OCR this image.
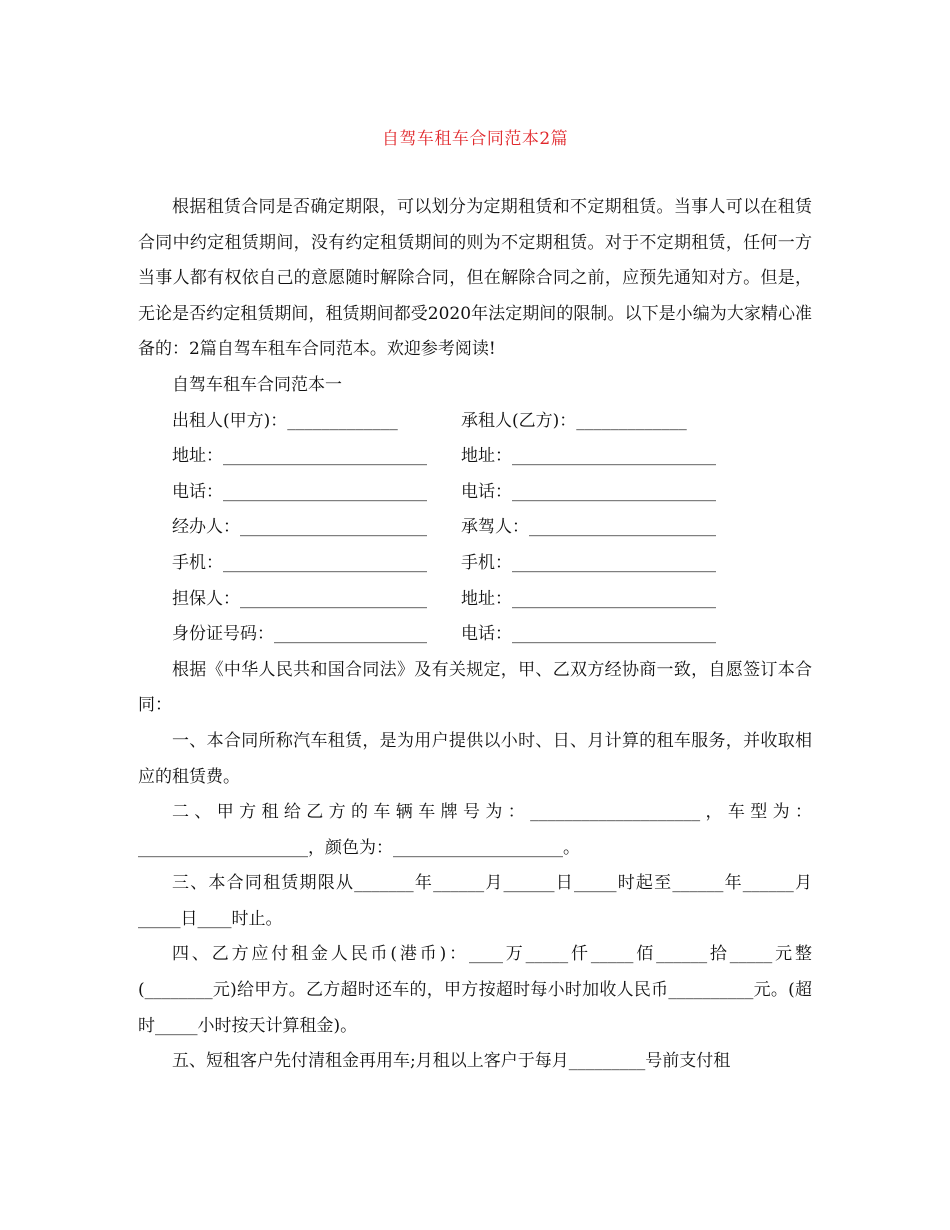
自驾车租车合同范本2篇

根据租赁合同是否确定期限，可以划分为定期租赁和不定期租赁。当事人可以在租赁合同中约定租赁期间，没有约定租赁期间的则为不定期租赁。对于不定期租赁，任何一方当事人都有权依自己的意愿随时解除合同，但在解除合同之前，应预先通知对方。但是，无论是否约定租赁期间，租赁期间都受2020年法定期间的限制。以下是小编为大家精心准备的：2篇自驾车租车合同范本。欢迎参考阅读!

自驾车租车合同范本一

出租人(甲方)：_____________	承租人(乙方)：_____________
地址：________________________	地址：________________________
电话：________________________	电话：________________________
经办人：______________________	承驾人：______________________
手机：________________________	手机：________________________
担保人：______________________	地址：________________________
身份证号码：__________________	电话：________________________

根据《中华人民共和国合同法》及有关规定，甲、乙双方经协商一致，自愿签订本合同：

一、本合同所称汽车租赁，是为用户提供以小时、日、月计算的租车服务，并收取相应的租赁费。

二、甲方租给乙方的车辆车牌号为：____________________，车型为：____________________，颜色为：____________________。

三、本合同租赁期限从_______年______月______日_____时起至______年______月_____日____时止。

四、乙方应付租金人民币(港币)：____万_____仟_____佰______拾_____元整(________元)给甲方。乙方超时还车的，甲方按超时每小时加收人民币__________元。(超时_____小时按天计算租金)。

五、短租客户先付清租金再用车;月租以上客户于每月_________号前支付租
